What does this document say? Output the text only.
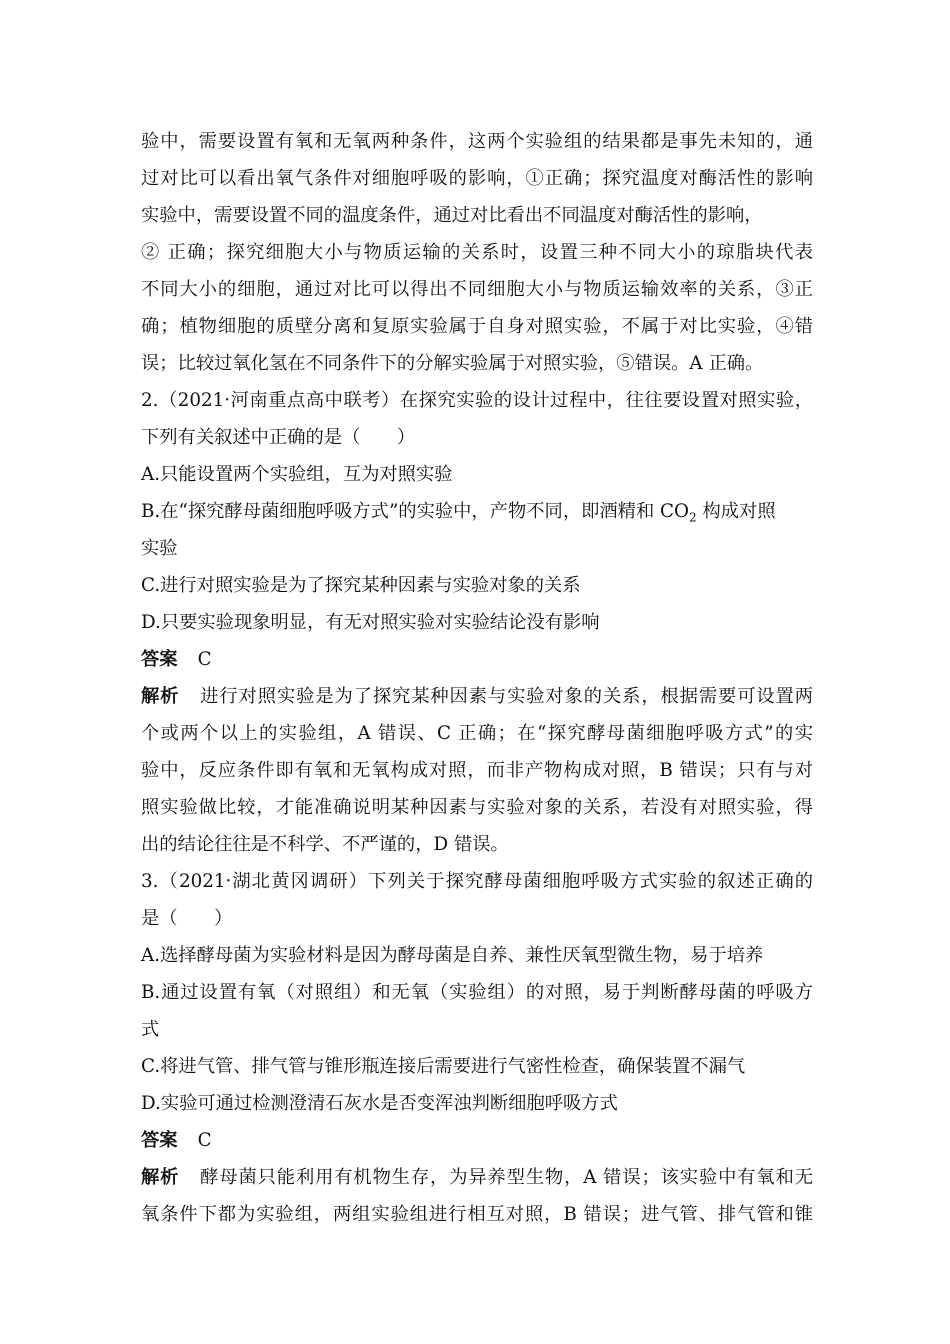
验中，需要设置有氧和无氧两种条件，这两个实验组的结果都是事先未知的，通
过对比可以看出氧气条件对细胞呼吸的影响，①正确；探究温度对酶活性的影响
实验中，需要设置不同的温度条件，通过对比看出不同温度对酶活性的影响，
② 正确；探究细胞大小与物质运输的关系时，设置三种不同大小的琼脂块代表
不同大小的细胞，通过对比可以得出不同细胞大小与物质运输效率的关系，③正
确；植物细胞的质壁分离和复原实验属于自身对照实验，不属于对比实验，④错
误；比较过氧化氢在不同条件下的分解实验属于对照实验，⑤错误。A 正确。
2.（2021·河南重点高中联考）在探究实验的设计过程中，往往要设置对照实验，
下列有关叙述中正确的是（　　）
A.只能设置两个实验组，互为对照实验
B.在“探究酵母菌细胞呼吸方式”的实验中，产物不同，即酒精和 $CO_2$ 构成对照
实验
C.进行对照实验是为了探究某种因素与实验对象的关系
D.只要实验现象明显，有无对照实验对实验结论没有影响
答案 C
解析 进行对照实验是为了探究某种因素与实验对象的关系，根据需要可设置两
个或两个以上的实验组，A 错误、C 正确；在“探究酵母菌细胞呼吸方式”的实
验中，反应条件即有氧和无氧构成对照，而非产物构成对照，B 错误；只有与对
照实验做比较，才能准确说明某种因素与实验对象的关系，若没有对照实验，得
出的结论往往是不科学、不严谨的，D 错误。
3.（2021·湖北黄冈调研）下列关于探究酵母菌细胞呼吸方式实验的叙述正确的
是（　　）
A.选择酵母菌为实验材料是因为酵母菌是自养、兼性厌氧型微生物，易于培养
B.通过设置有氧（对照组）和无氧（实验组）的对照，易于判断酵母菌的呼吸方
式
C.将进气管、排气管与锥形瓶连接后需要进行气密性检查，确保装置不漏气
D.实验可通过检测澄清石灰水是否变浑浊判断细胞呼吸方式
答案 C
解析 酵母菌只能利用有机物生存，为异养型生物，A 错误；该实验中有氧和无
氧条件下都为实验组，两组实验组进行相互对照，B 错误；进气管、排气管和锥
